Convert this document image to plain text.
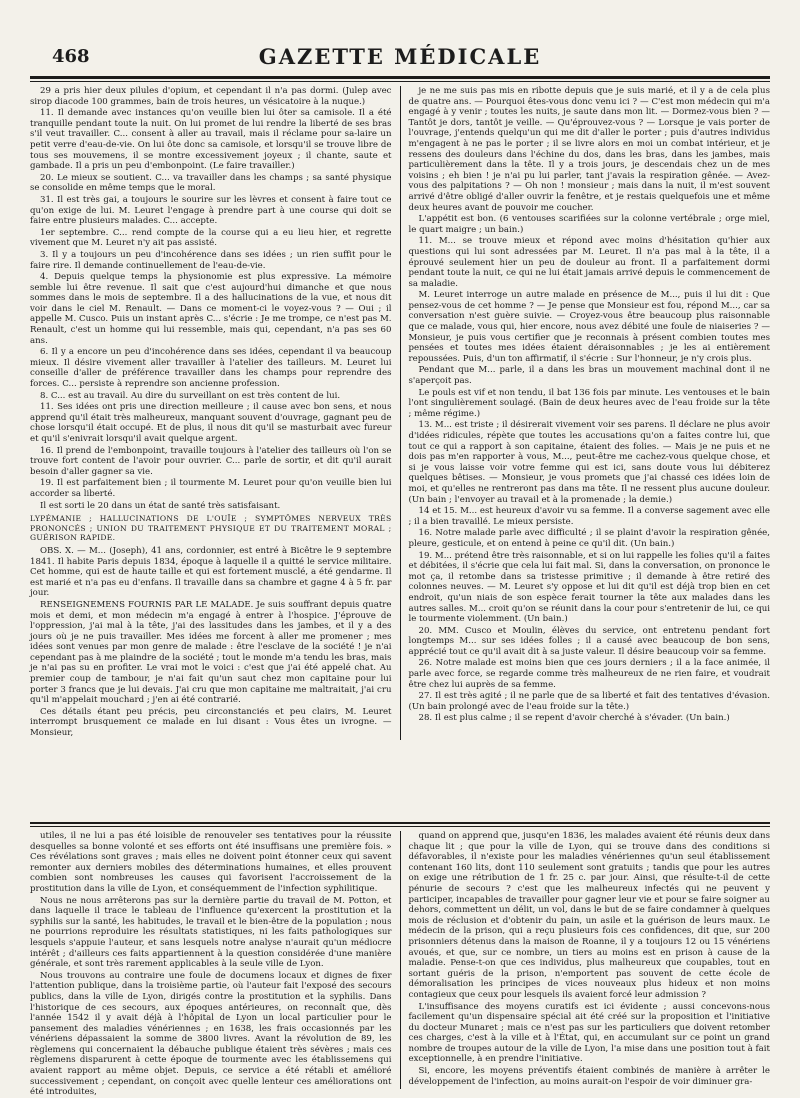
468	GAZETTE MÉDICALE

29 a pris hier deux pilules d'opium, et cependant il n'a pas dormi. (Julep avec sirop diacode 100 grammes, bain de trois heures, un vésicatoire à la nuque.)

11. Il demande avec instances qu'on veuille bien lui ôter sa camisole. Il a été tranquille pendant toute la nuit. On lui promet de lui rendre la liberté de ses bras s'il veut travailler. C... consent à aller au travail, mais il réclame pour sa-laire un petit verre d'eau-de-vie. On lui ôte donc sa camisole, et lorsqu'il se trouve libre de tous ses mouvemens, il se montre excessivement joyeux ; il chante, saute et gambade. Il a pris un peu d'embonpoint. (Le faire travailler.)

20. Le mieux se soutient. C... va travailler dans les champs ; sa santé physique se consolide en même temps que le moral.

31. Il est très gai, a toujours le sourire sur les lèvres et consent à faire tout ce qu'on exige de lui. M. Leuret l'engage à prendre part à une course qui doit se faire entre plusieurs malades. C... accepte.

1er septembre. C... rend compte de la course qui a eu lieu hier, et regrette vivement que M. Leuret n'y ait pas assisté.

3. Il y a toujours un peu d'incohérence dans ses idées ; un rien suffit pour le faire rire. Il demande continuellement de l'eau-de-vie.

4. Depuis quelque temps la physionomie est plus expressive. La mémoire semble lui être revenue. Il sait que c'est aujourd'hui dimanche et que nous sommes dans le mois de septembre. Il a des hallucinations de la vue, et nous dit voir dans le ciel M. Renault. — Dans ce moment-ci le voyez-vous ? — Oui ; il appelle M. Cusco. Puis un instant après C... s'écrie : Je me trompe, ce n'est pas M. Renault, c'est un homme qui lui ressemble, mais qui, cependant, n'a pas ses 60 ans.

6. Il y a encore un peu d'incohérence dans ses idées, cependant il va beaucoup mieux. Il désire vivement aller travailler à l'atelier des tailleurs. M. Leuret lui conseille d'aller de préférence travailler dans les champs pour reprendre des forces. C... persiste à reprendre son ancienne profession.

8. C... est au travail. Au dire du surveillant on est très content de lui.

11. Ses idées ont pris une direction meilleure ; il cause avec bon sens, et nous apprend qu'il était très malheureux, manquant souvent d'ouvrage, gagnant peu de chose lorsqu'il était occupé. Et de plus, il nous dit qu'il se masturbait avec fureur et qu'il s'enivrait lorsqu'il avait quelque argent.

16. Il prend de l'embonpoint, travaille toujours à l'atelier des tailleurs où l'on se trouve fort content de l'avoir pour ouvrier. C... parle de sortir, et dit qu'il aurait besoin d'aller gagner sa vie.

19. Il est parfaitement bien ; il tourmente M. Leuret pour qu'on veuille bien lui accorder sa liberté.

Il est sorti le 20 dans un état de santé très satisfaisant.

LYPÉMANIE ; HALLUCINATIONS DE L'OUÏE ; SYMPTÔMES NERVEUX TRÈS PRONONCÉS ; UNION DU TRAITEMENT PHYSIQUE ET DU TRAITEMENT MORAL ; GUÉRISON RAPIDE.

OBS. X. — M... (Joseph), 41 ans, cordonnier, est entré à Bicêtre le 9 septembre 1841. Il habite Paris depuis 1834, époque à laquelle il a quitté le service militaire. Cet homme, qui est de haute taille et qui est fortement musclé, a été gendarme. Il est marié et n'a pas eu d'enfans. Il travaille dans sa chambre et gagne 4 à 5 fr. par jour.

RENSEIGNEMENS FOURNIS PAR LE MALADE. Je suis souffrant depuis quatre mois et demi, et mon médecin m'a engagé à entrer à l'hospice. J'éprouve de l'oppression, j'ai mal à la tête, j'ai des lassitudes dans les jambes, et il y a des jours où je ne puis travailler. Mes idées me forcent à aller me promener ; mes idées sont venues par mon genre de malade : être l'esclave de la société ! je n'ai cependant pas à me plaindre de la société ; tout le monde m'a tendu les bras, mais je n'ai pas su en profiter. Le vrai mot le voici : c'est que j'ai été appelé chat. Au premier coup de tambour, je n'ai fait qu'un saut chez mon capitaine pour lui porter 3 francs que je lui devais. J'ai cru que mon capitaine me maltraitait, j'ai cru qu'il m'appelait mouchard ; j'en ai été contrarié.

Ces détails étant peu précis, peu circonstanciés et peu clairs, M. Leuret interrompt brusquement ce malade en lui disant : Vous êtes un ivrogne. — Monsieur,

je ne me suis pas mis en ribotte depuis que je suis marié, et il y a de cela plus de quatre ans. — Pourquoi êtes-vous donc venu ici ? — C'est mon médecin qui m'a engagé à y venir ; toutes les nuits, je saute dans mon lit. — Dormez-vous bien ? — Tantôt je dors, tantôt je veille. — Qu'éprouvez-vous ? — Lorsque je vais porter de l'ouvrage, j'entends quelqu'un qui me dit d'aller le porter ; puis d'autres individus m'engagent à ne pas le porter ; il se livre alors en moi un combat intérieur, et je ressens des douleurs dans l'échine du dos, dans les bras, dans les jambes, mais particulièrement dans la tête. Il y a trois jours, je descendais chez un de mes voisins ; eh bien ! je n'ai pu lui parler, tant j'avais la respiration gênée. — Avez-vous des palpitations ? — Oh non ! monsieur ; mais dans la nuit, il m'est souvent arrivé d'être obligé d'aller ouvrir la fenêtre, et je restais quelquefois une et même deux heures avant de pouvoir me coucher.

L'appétit est bon. (6 ventouses scarifiées sur la colonne vertébrale ; orge miel, le quart maigre ; un bain.)

11. M... se trouve mieux et répond avec moins d'hésitation qu'hier aux questions qui lui sont adressées par M. Leuret. Il n'a pas mal à la tête, il a éprouvé seulement hier un peu de douleur au front. Il a parfaitement dormi pendant toute la nuit, ce qui ne lui était jamais arrivé depuis le commencement de sa maladie.

M. Leuret interroge un autre malade en présence de M..., puis il lui dit : Que pensez-vous de cet homme ? — Je pense que Monsieur est fou, répond M..., car sa conversation n'est guère suivie. — Croyez-vous être beaucoup plus raisonnable que ce malade, vous qui, hier encore, nous avez débité une foule de niaiseries ? — Monsieur, je puis vous certifier que je reconnais à présent combien toutes mes pensées et toutes mes idées étaient déraisonnables ; je les ai entièrement repoussées. Puis, d'un ton affirmatif, il s'écrie : Sur l'honneur, je n'y crois plus.

Pendant que M... parle, il a dans les bras un mouvement machinal dont il ne s'aperçoit pas.

Le pouls est vif et non tendu, il bat 136 fois par minute. Les ventouses et le bain l'ont singulièrement soulagé. (Bain de deux heures avec de l'eau froide sur la tête ; même régime.)

13. M... est triste ; il désirerait vivement voir ses parens. Il déclare ne plus avoir d'idées ridicules, répète que toutes les accusations qu'on a faites contre lui, que tout ce qui a rapport à son capitaine, étaient des folies. — Mais je ne puis et ne dois pas m'en rapporter à vous, M..., peut-être me cachez-vous quelque chose, et si je vous laisse voir votre femme qui est ici, sans doute vous lui débiterez quelques bêtises. — Monsieur, je vous promets que j'ai chassé ces idées loin de moi, et qu'elles ne rentreront pas dans ma tête. Il ne ressent plus aucune douleur. (Un bain ; l'envoyer au travail et à la promenade ; la demie.)

14 et 15. M... est heureux d'avoir vu sa femme. Il a converse sagement avec elle ; il a bien travaillé. Le mieux persiste.

16. Notre malade parle avec difficulté ; il se plaint d'avoir la respiration gênée, pleure, gesticule, et on entend à peine ce qu'il dit. (Un bain.)

19. M... prétend être très raisonnable, et si on lui rappelle les folies qu'il a faites et débitées, il s'écrie que cela lui fait mal. Si, dans la conversation, on prononce le mot ça, il retombe dans sa tristesse primitive ; il demande à être retiré des colonnes neuves. — M. Leuret s'y oppose et lui dit qu'il est déjà trop bien en cet endroit, qu'un niais de son espèce ferait tourner la tête aux malades dans les autres salles. M... croit qu'on se réunit dans la cour pour s'entretenir de lui, ce qui le tourmente violemment. (Un bain.)

20. MM. Cusco et Moulin, élèves du service, ont entretenu pendant fort longtemps M... sur ses idées folles ; il a causé avec beaucoup de bon sens, apprécié tout ce qu'il avait dit à sa juste valeur. Il désire beaucoup voir sa femme.

26. Notre malade est moins bien que ces jours derniers ; il a la face animée, il parle avec force, se regarde comme très malheureux de ne rien faire, et voudrait être chez lui auprès de sa femme.

27. Il est très agité ; il ne parle que de sa liberté et fait des tentatives d'évasion. (Un bain prolongé avec de l'eau froide sur la tête.)

28. Il est plus calme ; il se repent d'avoir cherché à s'évader. (Un bain.)

utiles, il ne lui a pas été loisible de renouveler ses tentatives pour la réussite desquelles sa bonne volonté et ses efforts ont été insuffisans une première fois. » Ces révélations sont graves ; mais elles ne doivent point étonner ceux qui savent remonter aux derniers mobiles des déterminations humaines, et elles prouvent combien sont nombreuses les causes qui favorisent l'accroissement de la prostitution dans la ville de Lyon, et conséquemment de l'infection syphilitique.

Nous ne nous arrêterons pas sur la dernière partie du travail de M. Potton, et dans laquelle il trace le tableau de l'influence qu'exercent la prostitution et la syphilis sur la santé, les habitudes, le travail et le bien-être de la population ; nous ne pourrions reproduire les résultats statistiques, ni les faits pathologiques sur lesquels s'appuie l'auteur, et sans lesquels notre analyse n'aurait qu'un médiocre intérêt ; d'ailleurs ces faits appartiennent à la question considérée d'une manière générale, et sont très rarement applicables à la seule ville de Lyon.

Nous trouvons au contraire une foule de documens locaux et dignes de fixer l'attention publique, dans la troisième partie, où l'auteur fait l'exposé des secours publics, dans la ville de Lyon, dirigés contre la prostitution et la syphilis. Dans l'historique de ces secours, aux époques antérieures, on reconnaît que, dès l'année 1542 il y avait déjà à l'hôpital de Lyon un local particulier pour le pansement des maladies vénériennes ; en 1638, les frais occasionnés par les vénériens dépassaient la somme de 3800 livres. Avant la révolution de 89, les règlemens qui concernaient la débauche publique étaient très sévères ; mais ces règlemens disparurent à cette époque de tourmente avec les établissemens qui avaient rapport au même objet. Depuis, ce service a été rétabli et amélioré successivement ; cependant, on conçoit avec quelle lenteur ces améliorations ont été introduites,

quand on apprend que, jusqu'en 1836, les malades avaient été réunis deux dans chaque lit ; que pour la ville de Lyon, qui se trouve dans des conditions si défavorables, il n'existe pour les maladies vénériennes qu'un seul établissement contenant 160 lits, dont 110 seulement sont gratuits ; tandis que pour les autres on exige une rétribution de 1 fr. 25 c. par jour. Ainsi, que résulte-t-il de cette pénurie de secours ? c'est que les malheureux infectés qui ne peuvent y participer, incapables de travailler pour gagner leur vie et pour se faire soigner au dehors, commettent un délit, un vol, dans le but de se faire condamner à quelques mois de réclusion et d'obtenir du pain, un asile et la guérison de leurs maux. Le médecin de la prison, qui a reçu plusieurs fois ces confidences, dit que, sur 200 prisonniers détenus dans la maison de Roanne, il y a toujours 12 ou 15 vénériens avoués, et que, sur ce nombre, un tiers au moins est en prison à cause de la maladie. Pense-t-on que ces individus, plus malheureux que coupables, tout en sortant guéris de la prison, n'emportent pas souvent de cette école de démoralisation les principes de vices nouveaux plus hideux et non moins contagieux que ceux pour lesquels ils avaient forcé leur admission ?

L'insuffisance des moyens curatifs est ici évidente ; aussi concevons-nous facilement qu'un dispensaire spécial ait été créé sur la proposition et l'initiative du docteur Munaret ; mais ce n'est pas sur les particuliers que doivent retomber ces charges, c'est à la ville et à l'État, qui, en accumulant sur ce point un grand nombre de troupes autour de la ville de Lyon, l'a mise dans une position tout à fait exceptionnelle, à en prendre l'initiative.

Si, encore, les moyens préventifs étaient combinés de manière à arrêter le développement de l'infection, au moins aurait-on l'espoir de voir diminuer gra-
